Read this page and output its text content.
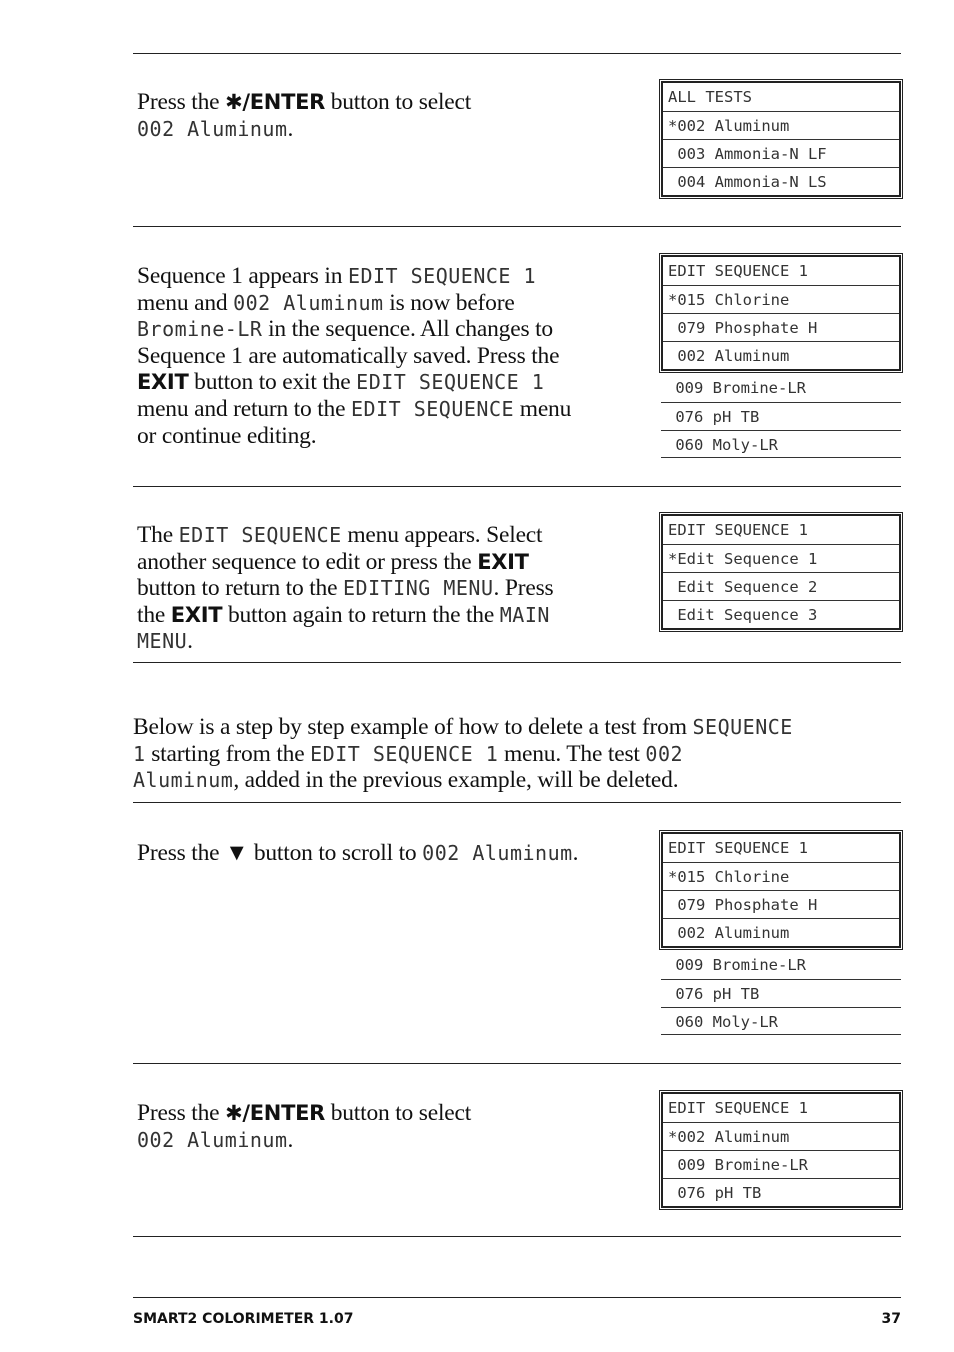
Press the ✱/ENTER button to select
002 Aluminum.
Sequence 1 appears in EDIT SEQUENCE 1
menu and 002 Aluminum is now before
Bromine-LR in the sequence. All changes to
Sequence 1 are automatically saved. Press the
EXIT button to exit the EDIT SEQUENCE 1
menu and return to the EDIT SEQUENCE menu
or continue editing.
The EDIT SEQUENCE menu appears. Select
another sequence to edit or press the EXIT
button to return to the EDITING MENU. Press
the EXIT button again to return the the MAIN
MENU.
Below is a step by step example of how to delete a test from SEQUENCE
1 starting from the EDIT SEQUENCE 1 menu. The test 002
Aluminum, added in the previous example, will be deleted.
Press the ▼ button to scroll to 002 Aluminum.
Press the ✱/ENTER button to select
002 Aluminum.
ALL TESTS
*002 Aluminum
003 Ammonia-N LF
004 Ammonia-N LS
EDIT SEQUENCE 1
*015 Chlorine
079 Phosphate H
002 Aluminum
009 Bromine-LR
076 pH TB
060 Moly-LR
EDIT SEQUENCE 1
*Edit Sequence 1
Edit Sequence 2
Edit Sequence 3
EDIT SEQUENCE 1
*015 Chlorine
079 Phosphate H
002 Aluminum
009 Bromine-LR
076 pH TB
060 Moly-LR
EDIT SEQUENCE 1
*002 Aluminum
009 Bromine-LR
076 pH TB
SMART2 COLORIMETER 1.07	37
